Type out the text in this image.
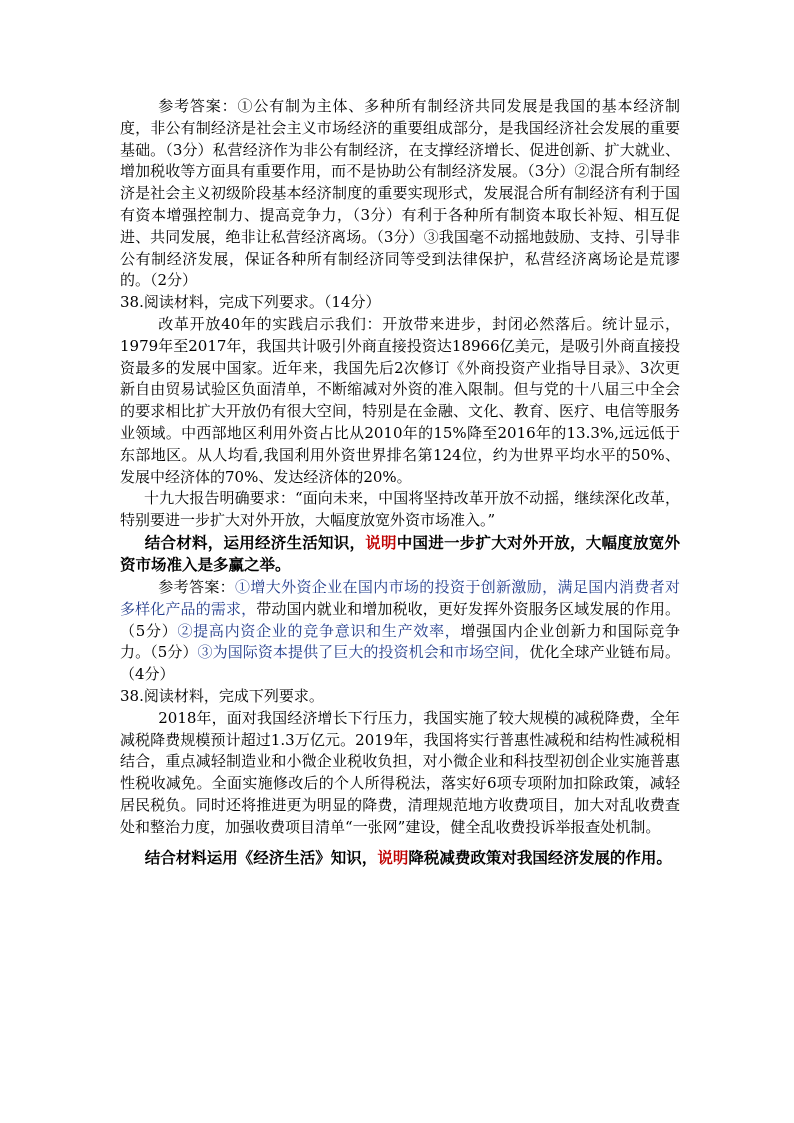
参考答案：①公有制为主体、多种所有制经济共同发展是我国的基本经济制度，非公有制经济是社会主义市场经济的重要组成部分，是我国经济社会发展的重要基础。（3分）私营经济作为非公有制经济，在支撑经济增长、促进创新、扩大就业、增加税收等方面具有重要作用，而不是协助公有制经济发展。（3分）②混合所有制经济是社会主义初级阶段基本经济制度的重要实现形式，发展混合所有制经济有利于国有资本增强控制力、提高竞争力，（3分）有利于各种所有制资本取长补短、相互促进、共同发展，绝非让私营经济离场。（3分）③我国毫不动摇地鼓励、支持、引导非公有制经济发展，保证各种所有制经济同等受到法律保护，私营经济离场论是荒谬的。（2分）

38.阅读材料，完成下列要求。（14分）

改革开放40年的实践启示我们：开放带来进步，封闭必然落后。统计显示，1979年至2017年，我国共计吸引外商直接投资达18966亿美元，是吸引外商直接投资最多的发展中国家。近年来，我国先后2次修订《外商投资产业指导目录》、3次更新自由贸易试验区负面清单，不断缩减对外资的准入限制。但与党的十八届三中全会的要求相比扩大开放仍有很大空间，特别是在金融、文化、教育、医疗、电信等服务业领域。中西部地区利用外资占比从2010年的15%降至2016年的13.3%,远远低于东部地区。从人均看,我国利用外资世界排名第124位，约为世界平均水平的50%、发展中经济体的70%、发达经济体的20%。

十九大报告明确要求：“面向未来，中国将坚持改革开放不动摇，继续深化改革，特别要进一步扩大对外开放，大幅度放宽外资市场准入。”

结合材料，运用经济生活知识，说明中国进一步扩大对外开放，大幅度放宽外资市场准入是多赢之举。

参考答案：①增大外资企业在国内市场的投资于创新激励，满足国内消费者对多样化产品的需求，带动国内就业和增加税收，更好发挥外资服务区域发展的作用。（5分）②提高内资企业的竞争意识和生产效率，增强国内企业创新力和国际竞争力。（5分）③为国际资本提供了巨大的投资机会和市场空间，优化全球产业链布局。（4分）

38.阅读材料，完成下列要求。

2018年，面对我国经济增长下行压力，我国实施了较大规模的减税降费，全年减税降费规模预计超过1.3万亿元。2019年，我国将实行普惠性减税和结构性减税相结合，重点减轻制造业和小微企业税收负担，对小微企业和科技型初创企业实施普惠性税收减免。全面实施修改后的个人所得税法，落实好6项专项附加扣除政策，减轻居民税负。同时还将推进更为明显的降费，清理规范地方收费项目，加大对乱收费查处和整治力度，加强收费项目清单“一张网”建设，健全乱收费投诉举报查处机制。

结合材料运用《经济生活》知识，说明降税减费政策对我国经济发展的作用。
